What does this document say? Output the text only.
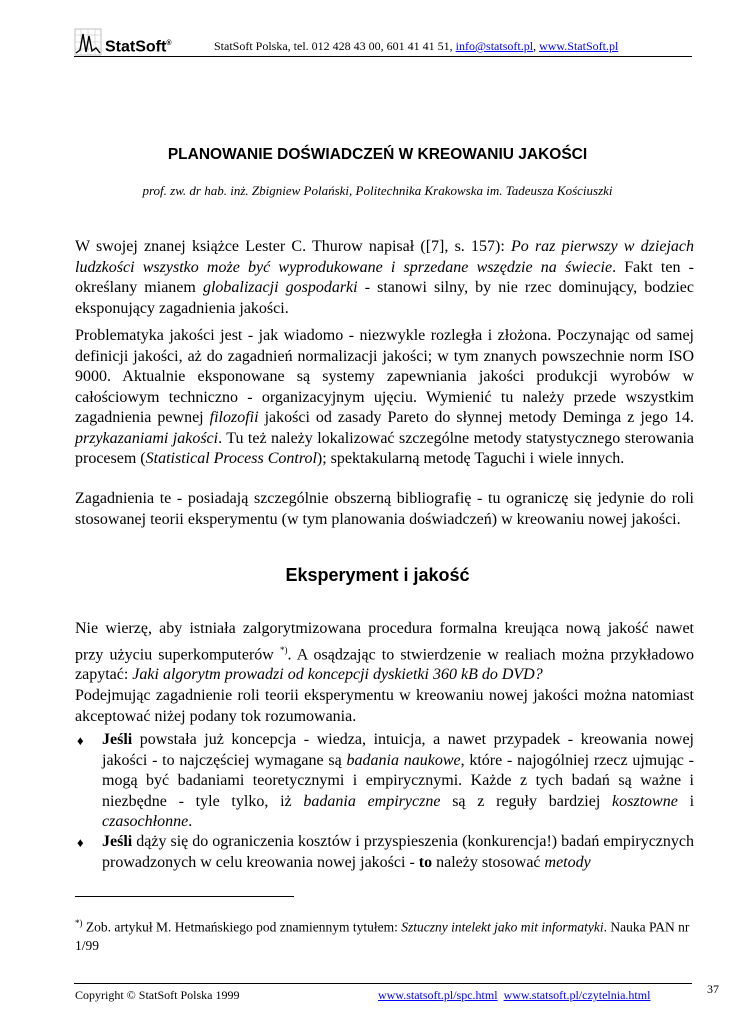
StatSoft®	StatSoft Polska, tel. 012 428 43 00, 601 41 41 51, info@statsoft.pl, www.StatSoft.pl
PLANOWANIE DOŚWIADCZEŃ W KREOWANIU JAKOŚCI
prof. zw. dr hab. inż. Zbigniew Polański, Politechnika Krakowska im. Tadeusza Kościuszki
W swojej znanej książce Lester C. Thurow napisał ([7], s. 157): Po raz pierwszy w dziejach ludzkości wszystko może być wyprodukowane i sprzedane wszędzie na świecie. Fakt ten - określany mianem globalizacji gospodarki - stanowi silny, by nie rzec dominujący, bodziec eksponujący zagadnienia jakości.
Problematyka jakości jest - jak wiadomo - niezwykle rozległa i złożona. Poczynając od samej definicji jakości, aż do zagadnień normalizacji jakości; w tym znanych powszechnie norm ISO 9000. Aktualnie eksponowane są systemy zapewniania jakości produkcji wyrobów w całościowym techniczno - organizacyjnym ujęciu. Wymienić tu należy przede wszystkim zagadnienia pewnej filozofii jakości od zasady Pareto do słynnej metody Deminga z jego 14. przykazaniami jakości. Tu też należy lokalizować szczególne metody statystycznego sterowania procesem (Statistical Process Control); spektakularną metodę Taguchi i wiele innych.
Zagadnienia te - posiadają szczególnie obszerną bibliografię - tu ograniczę się jedynie do roli stosowanej teorii eksperymentu (w tym planowania doświadczeń) w kreowaniu nowej jakości.
Eksperyment i jakość
Nie wierzę, aby istniała zalgorytmizowana procedura formalna kreująca nową jakość nawet przy użyciu superkomputerów *). A osądzając to stwierdzenie w realiach można przykładowo zapytać: Jaki algorytm prowadzi od koncepcji dyskietki 360 kB do DVD?
Podejmując zagadnienie roli teorii eksperymentu w kreowaniu nowej jakości można natomiast akceptować niżej podany tok rozumowania.
♦ Jeśli powstała już koncepcja - wiedza, intuicja, a nawet przypadek - kreowania nowej jakości - to najczęściej wymagane są badania naukowe, które - najogólniej rzecz ujmując - mogą być badaniami teoretycznymi i empirycznymi. Każde z tych badań są ważne i niezbędne - tyle tylko, iż badania empiryczne są z reguły bardziej kosztowne i czasochłonne.
♦ Jeśli dąży się do ograniczenia kosztów i przyspieszenia (konkurencja!) badań empirycznych prowadzonych w celu kreowania nowej jakości - to należy stosować metody
*) Zob. artykuł M. Hetmańskiego pod znamiennym tytułem: Sztuczny intelekt jako mit informatyki. Nauka PAN nr 1/99
Copyright © StatSoft Polska 1999	www.statsoft.pl/spc.html www.statsoft.pl/czytelnia.html	37
